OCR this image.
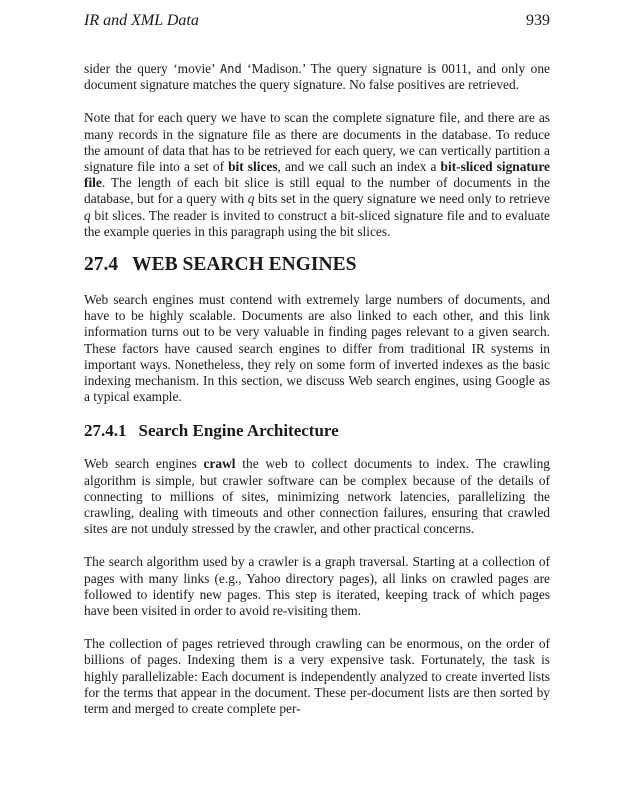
IR and XML Data	939

sider the query ‘movie’ And ‘Madison.’ The query signature is 0011, and only one document signature matches the query signature. No false positives are retrieved.

Note that for each query we have to scan the complete signature file, and there are as many records in the signature file as there are documents in the database. To reduce the amount of data that has to be retrieved for each query, we can vertically partition a signature file into a set of bit slices, and we call such an index a bit-sliced signature file. The length of each bit slice is still equal to the number of documents in the database, but for a query with q bits set in the query signature we need only to retrieve q bit slices. The reader is invited to construct a bit-sliced signature file and to evaluate the example queries in this paragraph using the bit slices.

27.4 WEB SEARCH ENGINES

Web search engines must contend with extremely large numbers of documents, and have to be highly scalable. Documents are also linked to each other, and this link information turns out to be very valuable in finding pages relevant to a given search. These factors have caused search engines to differ from traditional IR systems in important ways. Nonetheless, they rely on some form of inverted indexes as the basic indexing mechanism. In this section, we discuss Web search engines, using Google as a typical example.

27.4.1 Search Engine Architecture

Web search engines crawl the web to collect documents to index. The crawling algorithm is simple, but crawler software can be complex because of the details of connecting to millions of sites, minimizing network latencies, parallelizing the crawling, dealing with timeouts and other connection failures, ensuring that crawled sites are not unduly stressed by the crawler, and other practical concerns.

The search algorithm used by a crawler is a graph traversal. Starting at a collection of pages with many links (e.g., Yahoo directory pages), all links on crawled pages are followed to identify new pages. This step is iterated, keeping track of which pages have been visited in order to avoid re-visiting them.

The collection of pages retrieved through crawling can be enormous, on the order of billions of pages. Indexing them is a very expensive task. Fortunately, the task is highly parallelizable: Each document is independently analyzed to create inverted lists for the terms that appear in the document. These per-document lists are then sorted by term and merged to create complete per-
